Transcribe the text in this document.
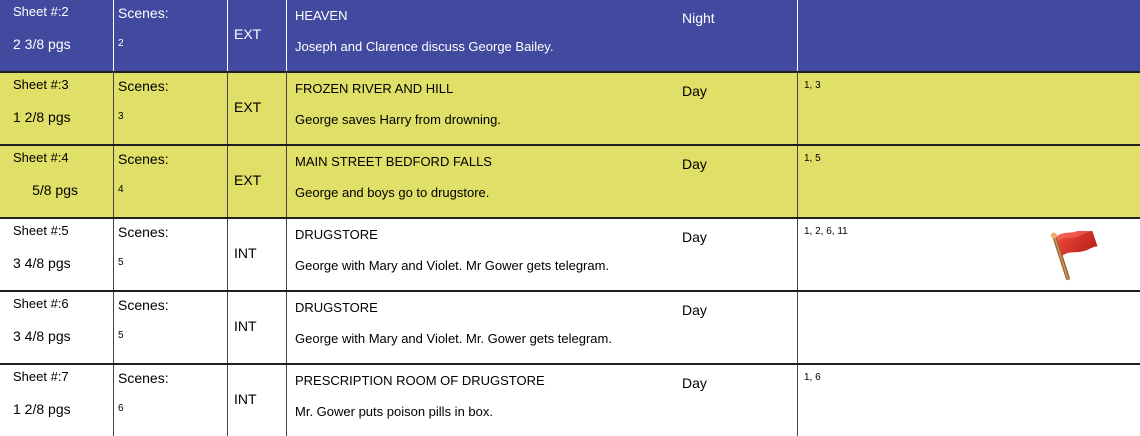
Sheet #:2
2 3/8 pgs
Scenes:
2
EXT
HEAVEN
Joseph and Clarence discuss George Bailey.
Night
Sheet #:3
1 2/8 pgs
Scenes:
3
EXT
FROZEN RIVER AND HILL
George saves Harry from drowning.
Day	1, 3
Sheet #:4
5/8 pgs
Scenes:
4
EXT
MAIN STREET BEDFORD FALLS
George and boys go to drugstore.
Day	1, 5
Sheet #:5
3 4/8 pgs
Scenes:
5
INT
DRUGSTORE
George with Mary and Violet. Mr Gower gets telegram.
Day	1, 2, 6, 11
Sheet #:6
3 4/8 pgs
Scenes:
5
INT
DRUGSTORE
George with Mary and Violet. Mr. Gower gets telegram.
Day
Sheet #:7
1 2/8 pgs
Scenes:
6
INT
PRESCRIPTION ROOM OF DRUGSTORE
Mr. Gower puts poison pills in box.
Day	1, 6
